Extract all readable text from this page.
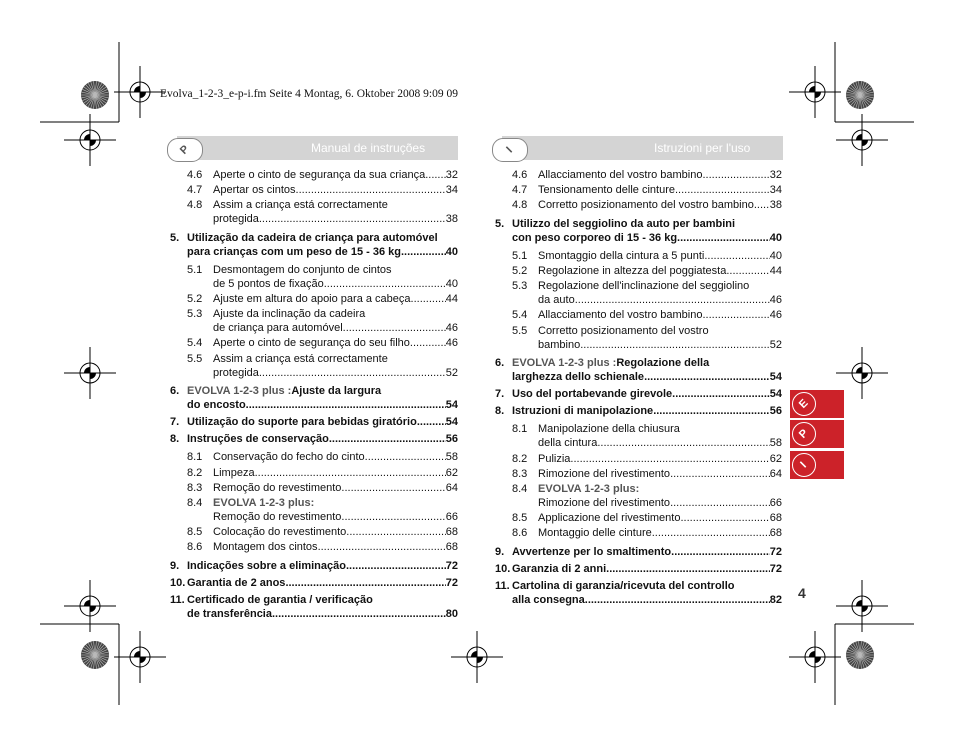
Evolva_1-2-3_e-p-i.fm Seite 4 Montag, 6. Oktober 2008 9:09 09
P	Manual de instruções	I	Istruzioni per l'uso
4.6 Aperte o cinto de segurança da sua criança ..... 32
4.7 Apertar os cintos .....	34
4.8 Assim a criança está correctamente
protegida .....	38
5. Utilização da cadeira de criança para automóvel
para crianças com um peso de 15 - 36 kg .....	40
5.1 Desmontagem do conjunto de cintos
de 5 pontos de fixação .....	40
5.2 Ajuste em altura do apoio para a cabeça .....	44
5.3 Ajuste da inclinação da cadeira
de criança para automóvel .....	46
5.4 Aperte o cinto de segurança do seu filho .....	46
5.5 Assim a criança está correctamente
protegida .....	52
6. EVOLVA 1-2-3 plus : Ajuste da largura
do encosto .....	54
7. Utilização do suporte para bebidas giratório .....	54
8. Instruções de conservação .....	56
8.1 Conservação do fecho do cinto .....	58
8.2 Limpeza .....	62
8.3 Remoção do revestimento .....	64
8.4 EVOLVA 1-2-3 plus:
Remoção do revestimento .....	66
8.5 Colocação do revestimento .....	68
8.6 Montagem dos cintos .....	68
9. Indicações sobre a eliminação .....	72
10. Garantia de 2 anos .....	72
11. Certificado de garantia / verificação
de transferência .....	80
4.6 Allacciamento del vostro bambino .....	32
4.7 Tensionamento delle cinture .....	34
4.8 Corretto posizionamento del vostro bambino ..... 38
5. Utilizzo del seggiolino da auto per bambini
con peso corporeo di 15 - 36 kg .....	40
5.1 Smontaggio della cintura a 5 punti .....	40
5.2 Regolazione in altezza del poggiatesta .....	44
5.3 Regolazione dell'inclinazione del seggiolino
da auto .....	46
5.4 Allacciamento del vostro bambino .....	46
5.5 Corretto posizionamento del vostro
bambino .....	52
6. EVOLVA 1-2-3 plus : Regolazione della
larghezza dello schienale .....	54
7. Uso del portabevande girevole .....	54
8. Istruzioni di manipolazione .....	56
8.1 Manipolazione della chiusura
della cintura .....	58
8.2 Pulizia .....	62
8.3 Rimozione del rivestimento .....	64
8.4 EVOLVA 1-2-3 plus:
Rimozione del rivestimento .....	66
8.5 Applicazione del rivestimento .....	68
8.6 Montaggio delle cinture .....	68
9. Avvertenze per lo smaltimento .....	72
10. Garanzia di 2 anni .....	72
11. Cartolina di garanzia/ricevuta del controllo
alla consegna .....	82
E
P
I
4
